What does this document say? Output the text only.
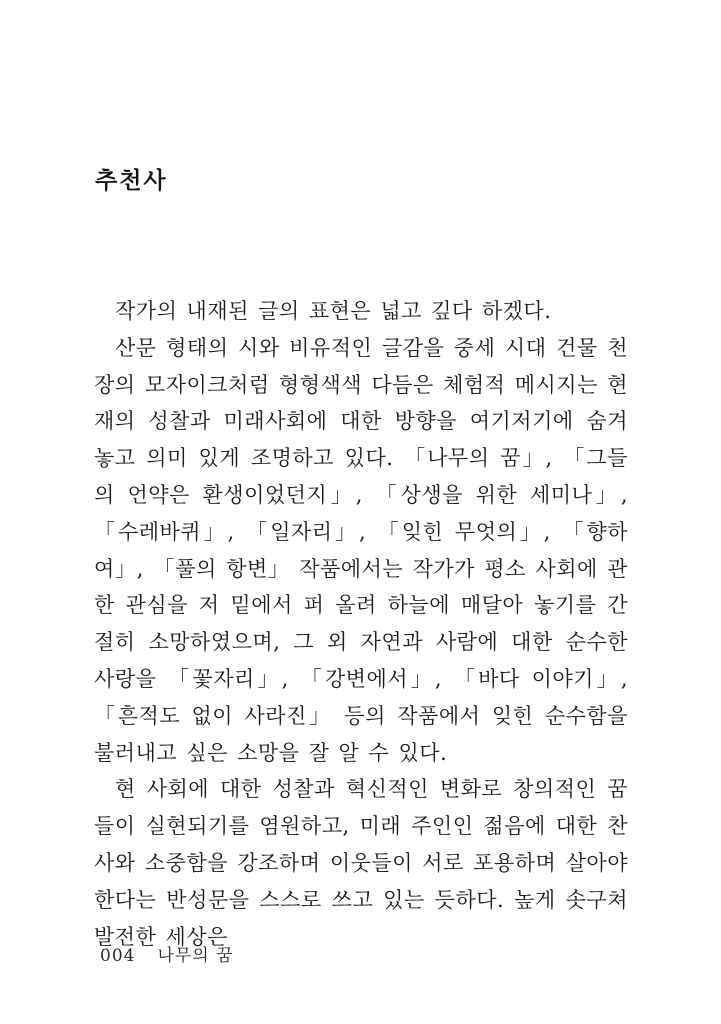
추천사

작가의 내재된 글의 표현은 넓고 깊다 하겠다.

산문 형태의 시와 비유적인 글감을 중세 시대 건물 천장의 모자이크처럼 형형색색 다듬은 체험적 메시지는 현재의 성찰과 미래사회에 대한 방향을 여기저기에 숨겨 놓고 의미 있게 조명하고 있다. 「나무의 꿈」, 「그들의 언약은 환생이었던지」, 「상생을 위한 세미나」, 「수레바퀴」, 「일자리」, 「잊힌 무엇의」, 「향하여」, 「풀의 항변」 작품에서는 작가가 평소 사회에 관한 관심을 저 밑에서 퍼 올려 하늘에 매달아 놓기를 간절히 소망하였으며, 그 외 자연과 사람에 대한 순수한 사랑을 「꽃자리」, 「강변에서」, 「바다 이야기」, 「흔적도 없이 사라진」 등의 작품에서 잊힌 순수함을 불러내고 싶은 소망을 잘 알 수 있다.

현 사회에 대한 성찰과 혁신적인 변화로 창의적인 꿈들이 실현되기를 염원하고, 미래 주인인 젊음에 대한 찬사와 소중함을 강조하며 이웃들이 서로 포용하며 살아야 한다는 반성문을 스스로 쓰고 있는 듯하다. 높게 솟구쳐 발전한 세상은

004 나무의 꿈
